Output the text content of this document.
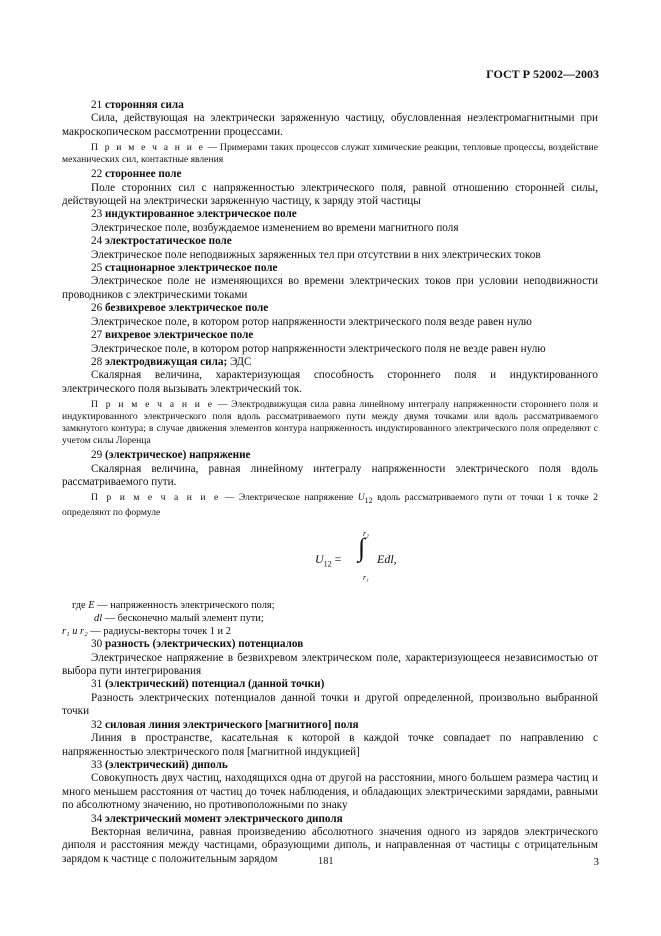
ГОСТ Р 52002—2003

21 сторонняя сила

Сила, действующая на электрически заряженную частицу, обусловленная неэлектромагнитными при макроскопическом рассмотрении процессами.

П р и м е ч а н и е — Примерами таких процессов служат химические реакции, тепловые процессы, воздействие механических сил, контактные явления

22 стороннее поле

Поле сторонних сил с напряженностью электрического поля, равной отношению сторонней силы, действующей на электрически заряженную частицу, к заряду этой частицы

23 индуктированное электрическое поле

Электрическое поле, возбуждаемое изменением во времени магнитного поля

24 электростатическое поле

Электрическое поле неподвижных заряженных тел при отсутствии в них электрических токов

25 стационарное электрическое поле

Электрическое поле не изменяющихся во времени электрических токов при условии неподвижности проводников с электрическими токами

26 безвихревое электрическое поле

Электрическое поле, в котором ротор напряженности электрического поля везде равен нулю

27 вихревое электрическое поле

Электрическое поле, в котором ротор напряженности электрического поля не везде равен нулю

28 электродвижущая сила; ЭДС

Скалярная величина, характеризующая способность стороннего поля и индуктированного электрического поля вызывать электрический ток.

П р и м е ч а н и е — Электродвижущая сила равна линейному интегралу напряженности стороннего поля и индуктированного электрического поля вдоль рассматриваемого пути между двумя точками или вдоль рассматриваемого замкнутого контура; в случае движения элементов контура напряженность индуктированного электрического поля определяют с учетом силы Лоренца

29 (электрическое) напряжение

Скалярная величина, равная линейному интегралу напряженности электрического поля вдоль рассматриваемого пути.

П р и м е ч а н и е — Электрическое напряжение $U_{12}$ вдоль рассматриваемого пути от точки 1 к точке 2 определяют по формуле

$U_{12}$ =
r₂
∫
r₁
Edl,

где E — напряженность электрического поля;

dl — бесконечно малый элемент пути;

r₁ и r₂ — радиусы-векторы точек 1 и 2

30 разность (электрических) потенциалов

Электрическое напряжение в безвихревом электрическом поле, характеризующееся независимостью от выбора пути интегрирования

31 (электрический) потенциал (данной точки)

Разность электрических потенциалов данной точки и другой определенной, произвольно выбранной точки

32 силовая линия электрического [магнитного] поля

Линия в пространстве, касательная к которой в каждой точке совпадает по направлению с напряженностью электрического поля [магнитной индукцией]

33 (электрический) диполь

Совокупность двух частиц, находящихся одна от другой на расстоянии, много большем размера частиц и много меньшем расстояния от частиц до точек наблюдения, и обладающих электрическими зарядами, равными по абсолютному значению, но противоположными по знаку

34 электрический момент электрического диполя

Векторная величина, равная произведению абсолютного значения одного из зарядов электрического диполя и расстояния между частицами, образующими диполь, и направленная от частицы с отрицательным зарядом к частице с положительным зарядом	181	3
